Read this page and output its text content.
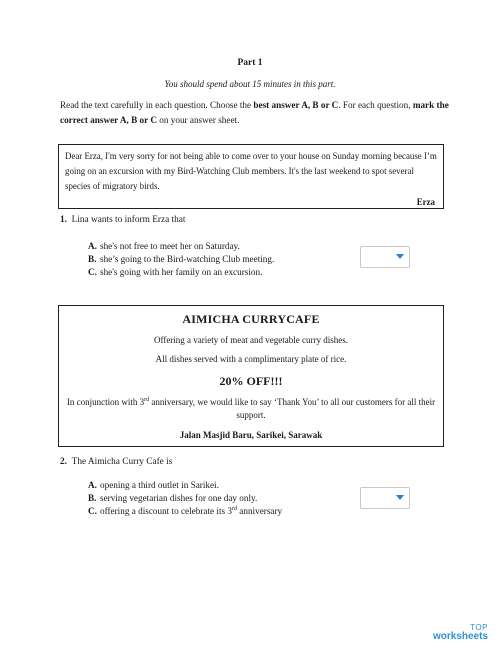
Part 1
You should spend about 15 minutes in this part.
Read the text carefully in each question. Choose the best answer A, B or C. For each question, mark the correct answer A, B or C on your answer sheet.
Dear Erza, I'm very sorry for not being able to come over to your house on Sunday morning because I’m going on an excursion with my Bird-Watching Club members. It's the last weekend to spot several species of migratory birds.
Erza
1. Lina wants to inform Erza that
A. she's not free to meet her on Saturday.
B. she’s going to the Bird-watching Club meeting.
C. she's going with her family on an excursion.
AIMICHA CURRYCAFE
Offering a variety of meat and vegetable curry dishes.
All dishes served with a complimentary plate of rice.
20% OFF!!!
In conjunction with 3rd anniversary, we would like to say ‘Thank You’ to all our customers for all their support.
Jalan Masjid Baru, Sarikei, Sarawak
2. The Aimicha Curry Cafe is
A. opening a third outlet in Sarikei.
B. serving vegetarian dishes for one day only.
C. offering a discount to celebrate its 3rd anniversary
TOP
worksheets
